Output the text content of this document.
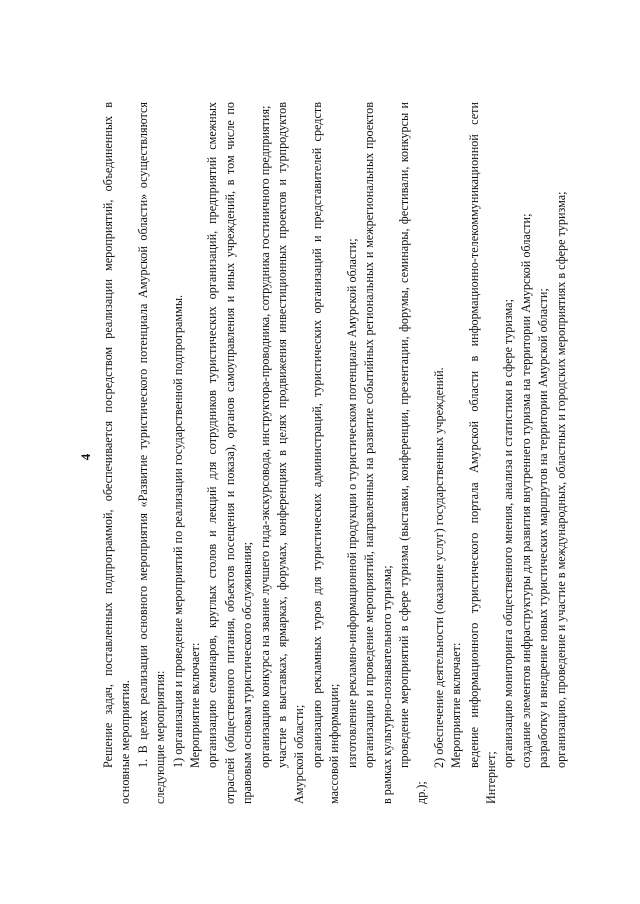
4 Решение задач, поставленных подпрограммой, обеспечивается посредством реализации мероприятий, объединенных в основные мероприятия. 1. В целях реализации основного мероприятия «Развитие туристического потенциала Амурской области» осуществляются следующие мероприятия: 1) организация и проведение мероприятий по реализации государственной подпрограммы. Мероприятие включает: организацию семинаров, круглых столов и лекций для сотрудников туристических организаций, предприятий смежных отраслей (общественного питания, объектов посещения и показа), органов самоуправления и иных учреждений, в том числе по правовым основам туристического обслуживания; организацию конкурса на звание лучшего гида-экскурсовода, инструктора-проводника, сотрудника гостиничного предприятия; участие в выставках, ярмарках, форумах, конференциях в целях продвижения инвестиционных проектов и турпродуктов Амурской области; организацию рекламных туров для туристических администраций, туристических организаций и представителей средств массовой информации; изготовление рекламно-информационной продукции о туристическом потенциале Амурской области; организацию и проведение мероприятий, направленных на развитие событийных региональных и межрегиональных проектов в рамках культурно-познавательного туризма; проведение мероприятий в сфере туризма (выставки, конференции, презентации, форумы, семинары, фестивали, конкурсы и др.);

2) обеспечение деятельности (оказание услуг) государственных учреждений. Мероприятие включает: ведение информационного туристического портала Амурской области в информационно-телекоммуникационной сети Интернет;

организацию мониторинга общественного мнения, анализа и статистики в сфере туризма; создание элементов инфраструктуры для развития внутреннего туризма на территории Амурской области; разработку и внедрение новых туристических маршрутов на территории Амурской области; организацию, проведение и участие в международных, областных и городских мероприятиях в сфере туризма;
